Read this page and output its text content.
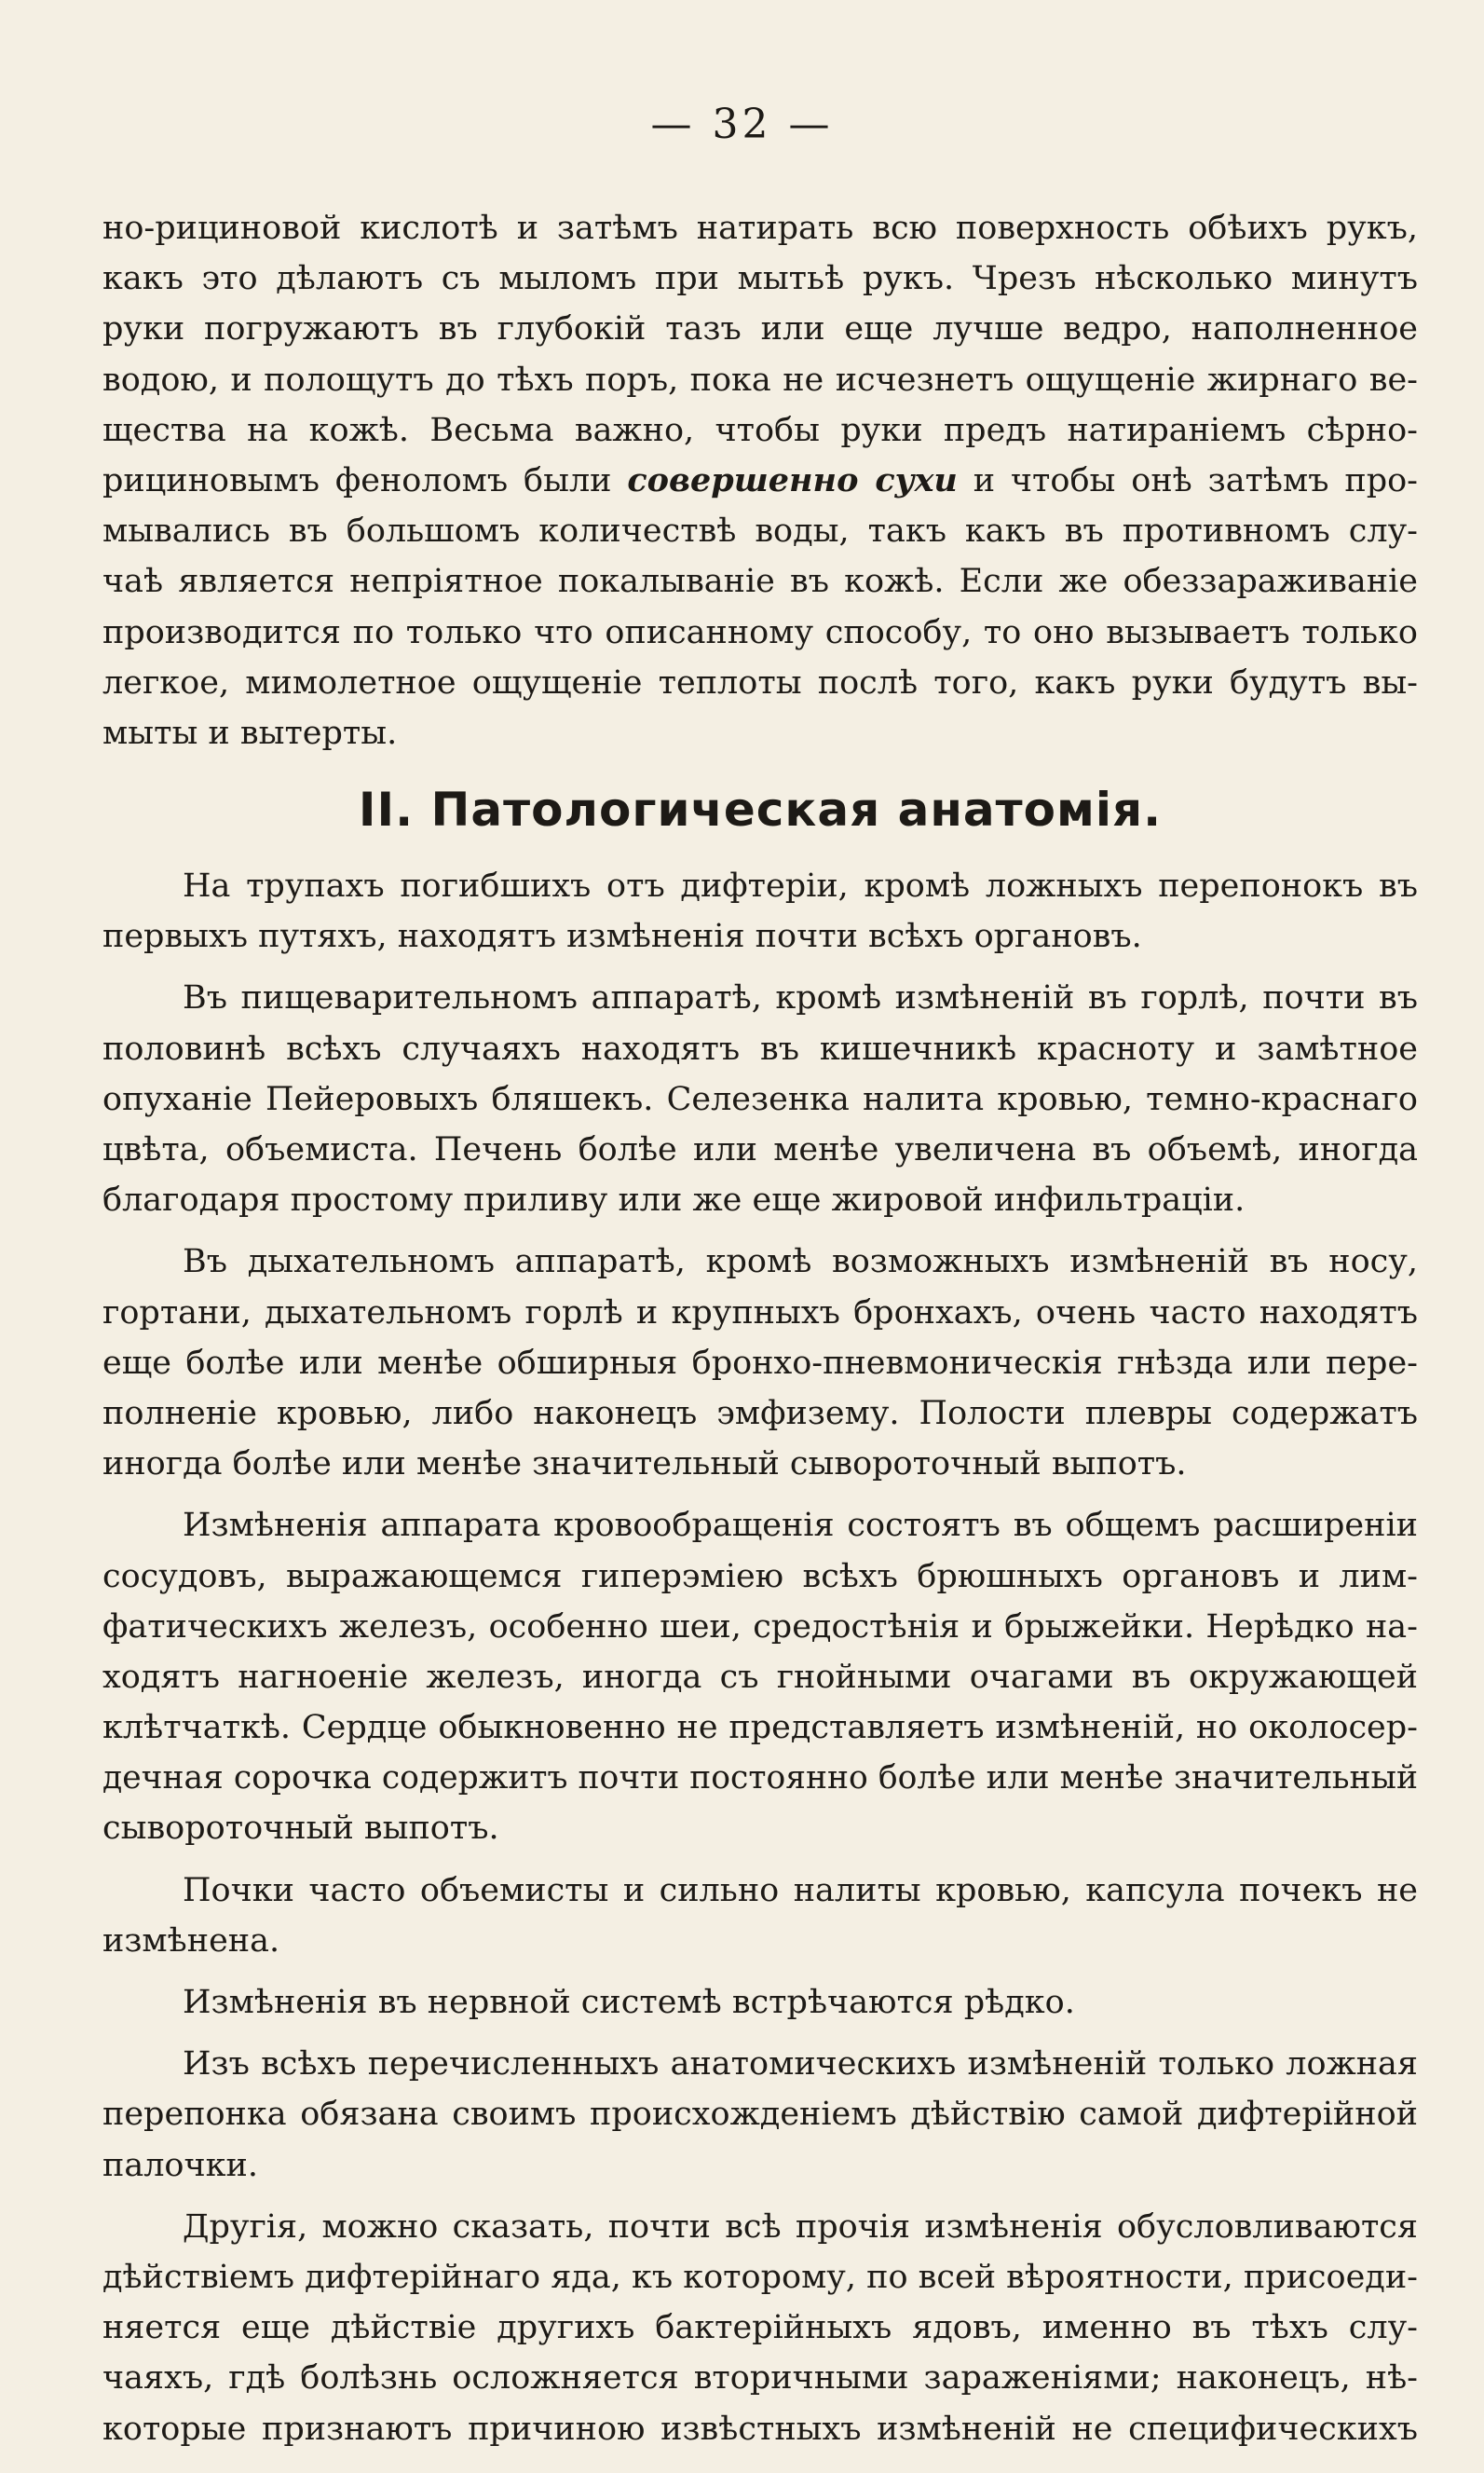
— 32 —
но-рициновой кислотѣ и затѣмъ натирать всю поверхность обѣихъ рукъ,
какъ это дѣлаютъ съ мыломъ при мытьѣ рукъ. Чрезъ нѣсколько минутъ
руки погружаютъ въ глубокій тазъ или еще лучше ведро, наполненное
водою, и полощутъ до тѣхъ поръ, пока не исчезнетъ ощущеніе жирнаго ве-
щества на кожѣ. Весьма важно, чтобы руки предъ натираніемъ сѣрно-
рициновымъ феноломъ были совершенно сухи и чтобы онѣ затѣмъ про-
мывались въ большомъ количествѣ воды, такъ какъ въ противномъ слу-
чаѣ является непріятное покалываніе въ кожѣ. Если же обеззараживаніе
производится по только что описанному способу, то оно вызываетъ только
легкое, мимолетное ощущеніе теплоты послѣ того, какъ руки будутъ вы-
мыты и вытерты.
II. Патологическая анатомія.
На трупахъ погибшихъ отъ дифтеріи, кромѣ ложныхъ перепонокъ въ
первыхъ путяхъ, находятъ измѣненія почти всѣхъ органовъ.
Въ пищеварительномъ аппаратѣ, кромѣ измѣненій въ горлѣ, почти въ
половинѣ всѣхъ случаяхъ находятъ въ кишечникѣ красноту и замѣтное
опуханіе Пейеровыхъ бляшекъ. Селезенка налита кровью, темно-краснаго
цвѣта, объемиста. Печень болѣе или менѣе увеличена въ объемѣ, иногда
благодаря простому приливу или же еще жировой инфильтраціи.
Въ дыхательномъ аппаратѣ, кромѣ возможныхъ измѣненій въ носу,
гортани, дыхательномъ горлѣ и крупныхъ бронхахъ, очень часто находятъ
еще болѣе или менѣе обширныя бронхо-пневмоническія гнѣзда или пере-
полненіе кровью, либо наконецъ эмфизему. Полости плевры содержатъ
иногда болѣе или менѣе значительный сывороточный выпотъ.
Измѣненія аппарата кровообращенія состоятъ въ общемъ расширеніи
сосудовъ, выражающемся гиперэміею всѣхъ брюшныхъ органовъ и лим-
фатическихъ железъ, особенно шеи, средостѣнія и брыжейки. Нерѣдко на-
ходятъ нагноеніе железъ, иногда съ гнойными очагами въ окружающей
клѣтчаткѣ. Сердце обыкновенно не представляетъ измѣненій, но околосер-
дечная сорочка содержитъ почти постоянно болѣе или менѣе значительный
сывороточный выпотъ.
Почки часто объемисты и сильно налиты кровью, капсула почекъ не
измѣнена.
Измѣненія въ нервной системѣ встрѣчаются рѣдко.
Изъ всѣхъ перечисленныхъ анатомическихъ измѣненій только ложная
перепонка обязана своимъ происхожденіемъ дѣйствію самой дифтерійной
палочки.
Другія, можно сказать, почти всѣ прочія измѣненія обусловливаются
дѣйствіемъ дифтерійнаго яда, къ которому, по всей вѣроятности, присоеди-
няется еще дѣйствіе другихъ бактерійныхъ ядовъ, именно въ тѣхъ слу-
чаяхъ, гдѣ болѣзнь осложняется вторичными зараженіями; наконецъ, нѣ-
которые признаютъ причиною извѣстныхъ измѣненій не специфическихъ
